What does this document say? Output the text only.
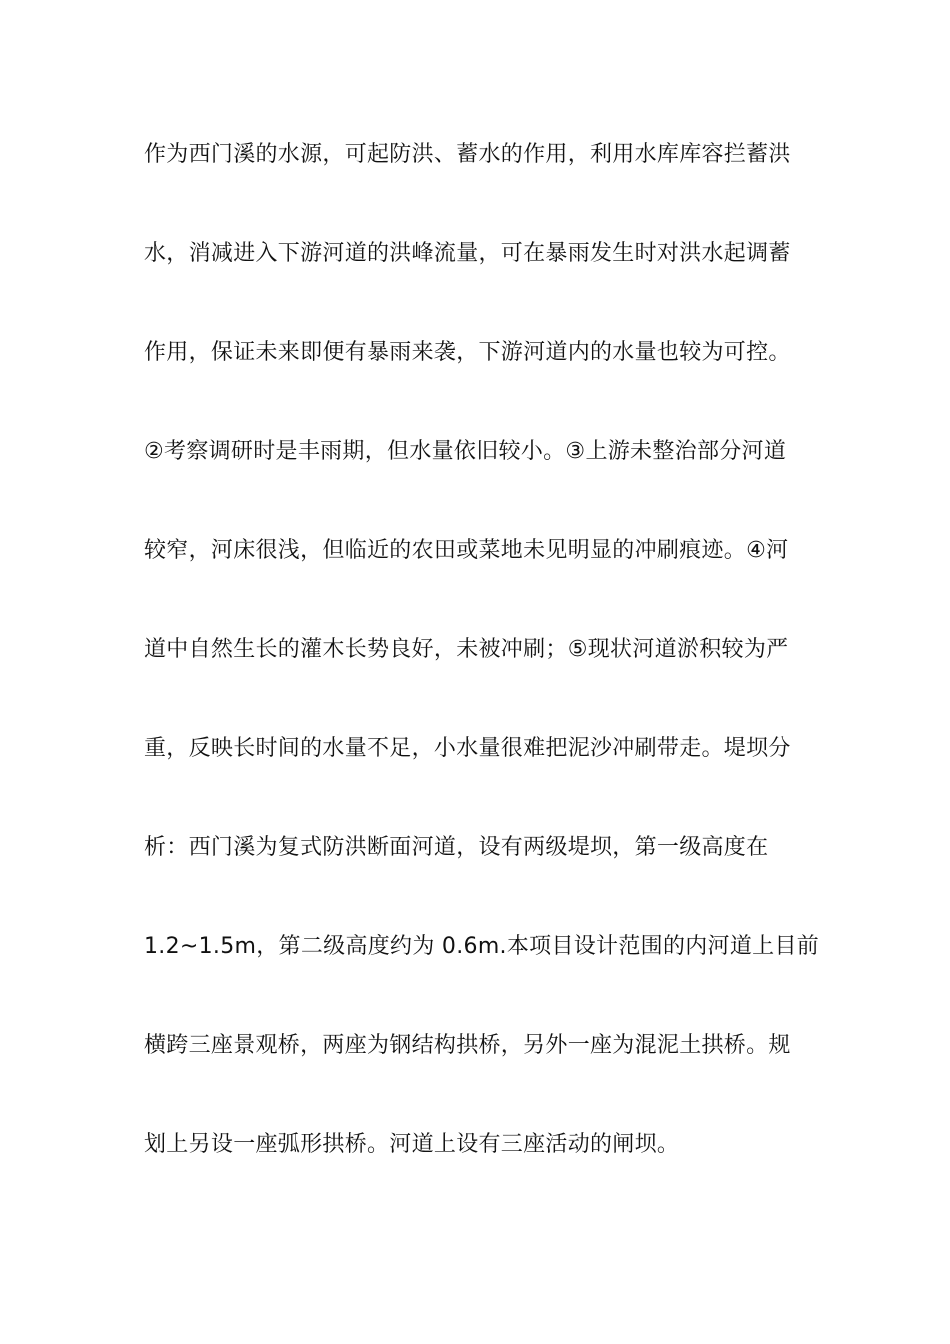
作为西门溪的水源，可起防洪、蓄水的作用，利用水库库容拦蓄洪
水，消减进入下游河道的洪峰流量，可在暴雨发生时对洪水起调蓄
作用，保证未来即便有暴雨来袭，下游河道内的水量也较为可控。
②考察调研时是丰雨期，但水量依旧较小。③上游未整治部分河道
较窄，河床很浅，但临近的农田或菜地未见明显的冲刷痕迹。④河
道中自然生长的灌木长势良好，未被冲刷；⑤现状河道淤积较为严
重，反映长时间的水量不足，小水量很难把泥沙冲刷带走。堤坝分
析：西门溪为复式防洪断面河道，设有两级堤坝，第一级高度在
1.2~1.5m，第二级高度约为 0.6m.本项目设计范围的内河道上目前
横跨三座景观桥，两座为钢结构拱桥，另外一座为混泥土拱桥。规
划上另设一座弧形拱桥。河道上设有三座活动的闸坝。
